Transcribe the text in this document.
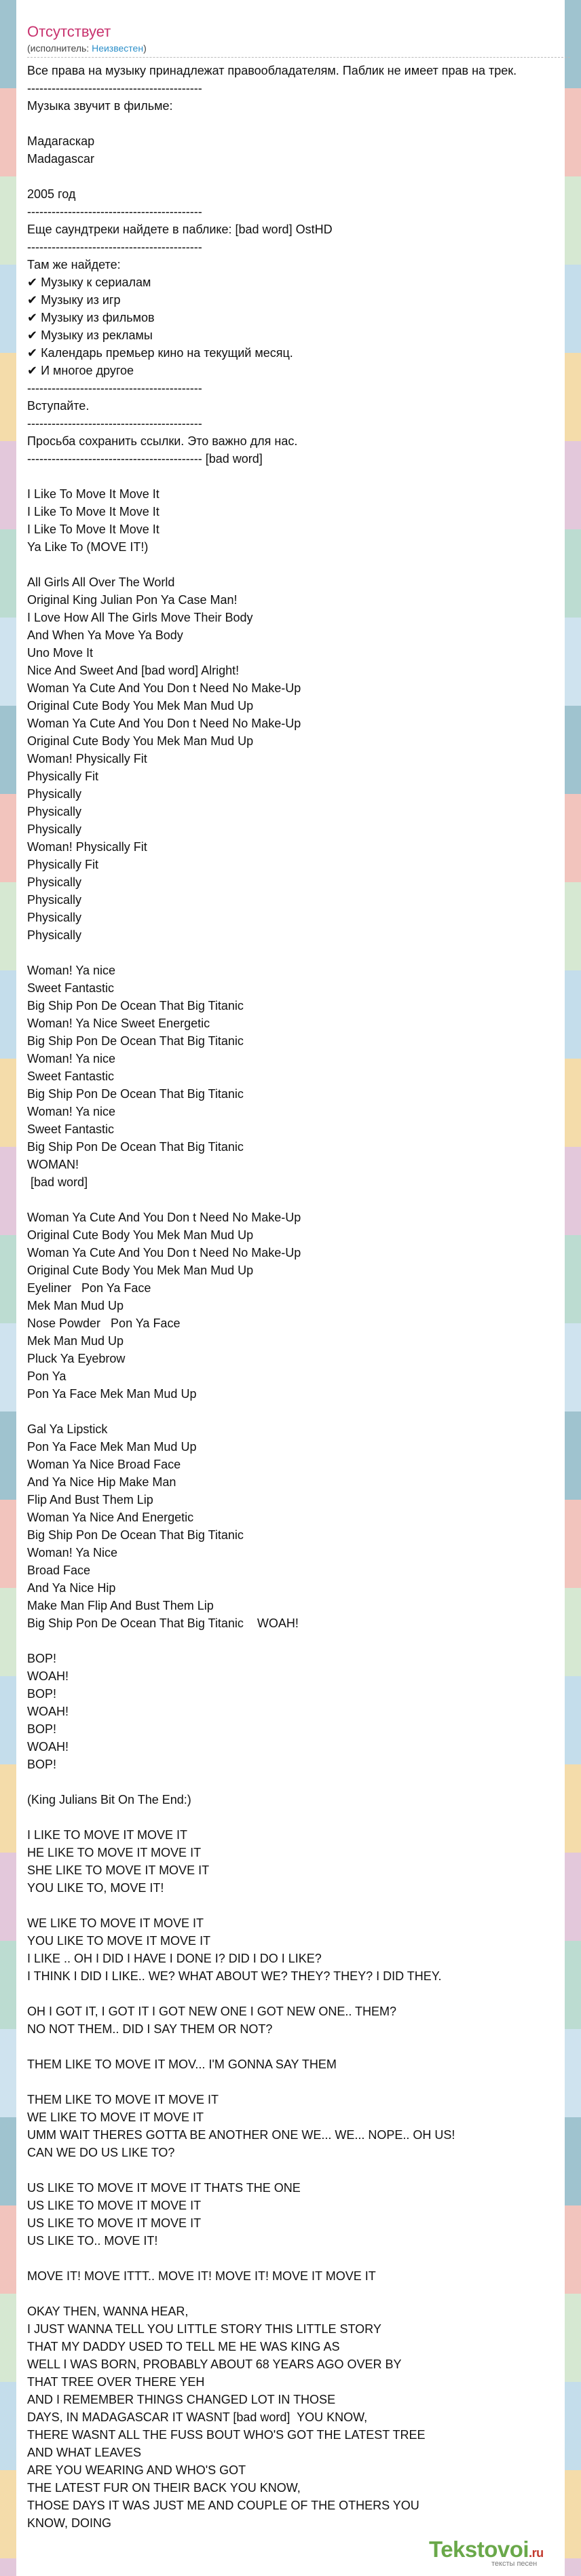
Отсутствует
(исполнитель: Неизвестен)
Все права на музыку принадлежат правообладателям. Паблик не имеет прав на трек.
-------------------------------------------
Музыка звучит в фильме:

Мадагаскар
Madagascar

2005 год
-------------------------------------------
Еще саундтреки найдете в паблике: [bad word] OstHD
-------------------------------------------
Там же найдете:
✔ Музыку к сериалам
✔ Музыку из игр
✔ Музыку из фильмов
✔ Музыку из рекламы
✔ Календарь премьер кино на текущий месяц.
✔ И многое другое
-------------------------------------------
Вступайте.
-------------------------------------------
Просьба сохранить ссылки. Это важно для нас.
------------------------------------------- [bad word]

I Like To Move It Move It
I Like To Move It Move It
I Like To Move It Move It
Ya Like To (MOVE IT!)

All Girls All Over The World
Original King Julian Pon Ya Case Man!
I Love How All The Girls Move Their Body
And When Ya Move Ya Body
Uno Move It
Nice And Sweet And [bad word] Alright!
Woman Ya Cute And You Don t Need No Make-Up
Original Cute Body You Mek Man Mud Up
Woman Ya Cute And You Don t Need No Make-Up
Original Cute Body You Mek Man Mud Up
Woman! Physically Fit
Physically Fit
Physically
Physically
Physically
Woman! Physically Fit
Physically Fit
Physically
Physically
Physically
Physically

Woman! Ya nice
Sweet Fantastic
Big Ship Pon De Ocean That Big Titanic
Woman! Ya Nice Sweet Energetic
Big Ship Pon De Ocean That Big Titanic
Woman! Ya nice
Sweet Fantastic
Big Ship Pon De Ocean That Big Titanic
Woman! Ya nice
Sweet Fantastic
Big Ship Pon De Ocean That Big Titanic
WOMAN!
[bad word]

Woman Ya Cute And You Don t Need No Make-Up
Original Cute Body You Mek Man Mud Up
Woman Ya Cute And You Don t Need No Make-Up
Original Cute Body You Mek Man Mud Up
Eyeliner   Pon Ya Face
Mek Man Mud Up
Nose Powder   Pon Ya Face
Mek Man Mud Up
Pluck Ya Eyebrow
Pon Ya
Pon Ya Face Mek Man Mud Up

Gal Ya Lipstick
Pon Ya Face Mek Man Mud Up
Woman Ya Nice Broad Face
And Ya Nice Hip Make Man
Flip And Bust Them Lip
Woman Ya Nice And Energetic
Big Ship Pon De Ocean That Big Titanic
Woman! Ya Nice
Broad Face
And Ya Nice Hip
Make Man Flip And Bust Them Lip
Big Ship Pon De Ocean That Big Titanic    WOAH!

BOP!
WOAH!
BOP!
WOAH!
BOP!
WOAH!
BOP!

(King Julians Bit On The End:)

I LIKE TO MOVE IT MOVE IT
HE LIKE TO MOVE IT MOVE IT
SHE LIKE TO MOVE IT MOVE IT
YOU LIKE TO, MOVE IT!

WE LIKE TO MOVE IT MOVE IT
YOU LIKE TO MOVE IT MOVE IT
I LIKE .. OH I DID I HAVE I DONE I? DID I DO I LIKE?
I THINK I DID I LIKE.. WE? WHAT ABOUT WE? THEY? THEY? I DID THEY.

OH I GOT IT, I GOT IT I GOT NEW ONE I GOT NEW ONE.. THEM?
NO NOT THEM.. DID I SAY THEM OR NOT?

THEM LIKE TO MOVE IT MOV... I'M GONNA SAY THEM

THEM LIKE TO MOVE IT MOVE IT
WE LIKE TO MOVE IT MOVE IT
UMM WAIT THERES GOTTA BE ANOTHER ONE WE... WE... NOPE.. OH US!
CAN WE DO US LIKE TO?

US LIKE TO MOVE IT MOVE IT THATS THE ONE
US LIKE TO MOVE IT MOVE IT
US LIKE TO MOVE IT MOVE IT
US LIKE TO.. MOVE IT!

MOVE IT! MOVE ITTT.. MOVE IT! MOVE IT! MOVE IT MOVE IT

OKAY THEN, WANNA HEAR,
I JUST WANNA TELL YOU LITTLE STORY THIS LITTLE STORY
THAT MY DADDY USED TO TELL ME HE WAS KING AS
WELL I WAS BORN, PROBABLY ABOUT 68 YEARS AGO OVER BY
THAT TREE OVER THERE YEH
AND I REMEMBER THINGS CHANGED LOT IN THOSE
DAYS, IN MADAGASCAR IT WASNT [bad word]  YOU KNOW,
THERE WASNT ALL THE FUSS BOUT WHO'S GOT THE LATEST TREE
AND WHAT LEAVES
ARE YOU WEARING AND WHO'S GOT
THE LATEST FUR ON THEIR BACK YOU KNOW,
THOSE DAYS IT WAS JUST ME AND COUPLE OF THE OTHERS YOU
KNOW, DOING
Tekstovoi.ru
тексты песен
